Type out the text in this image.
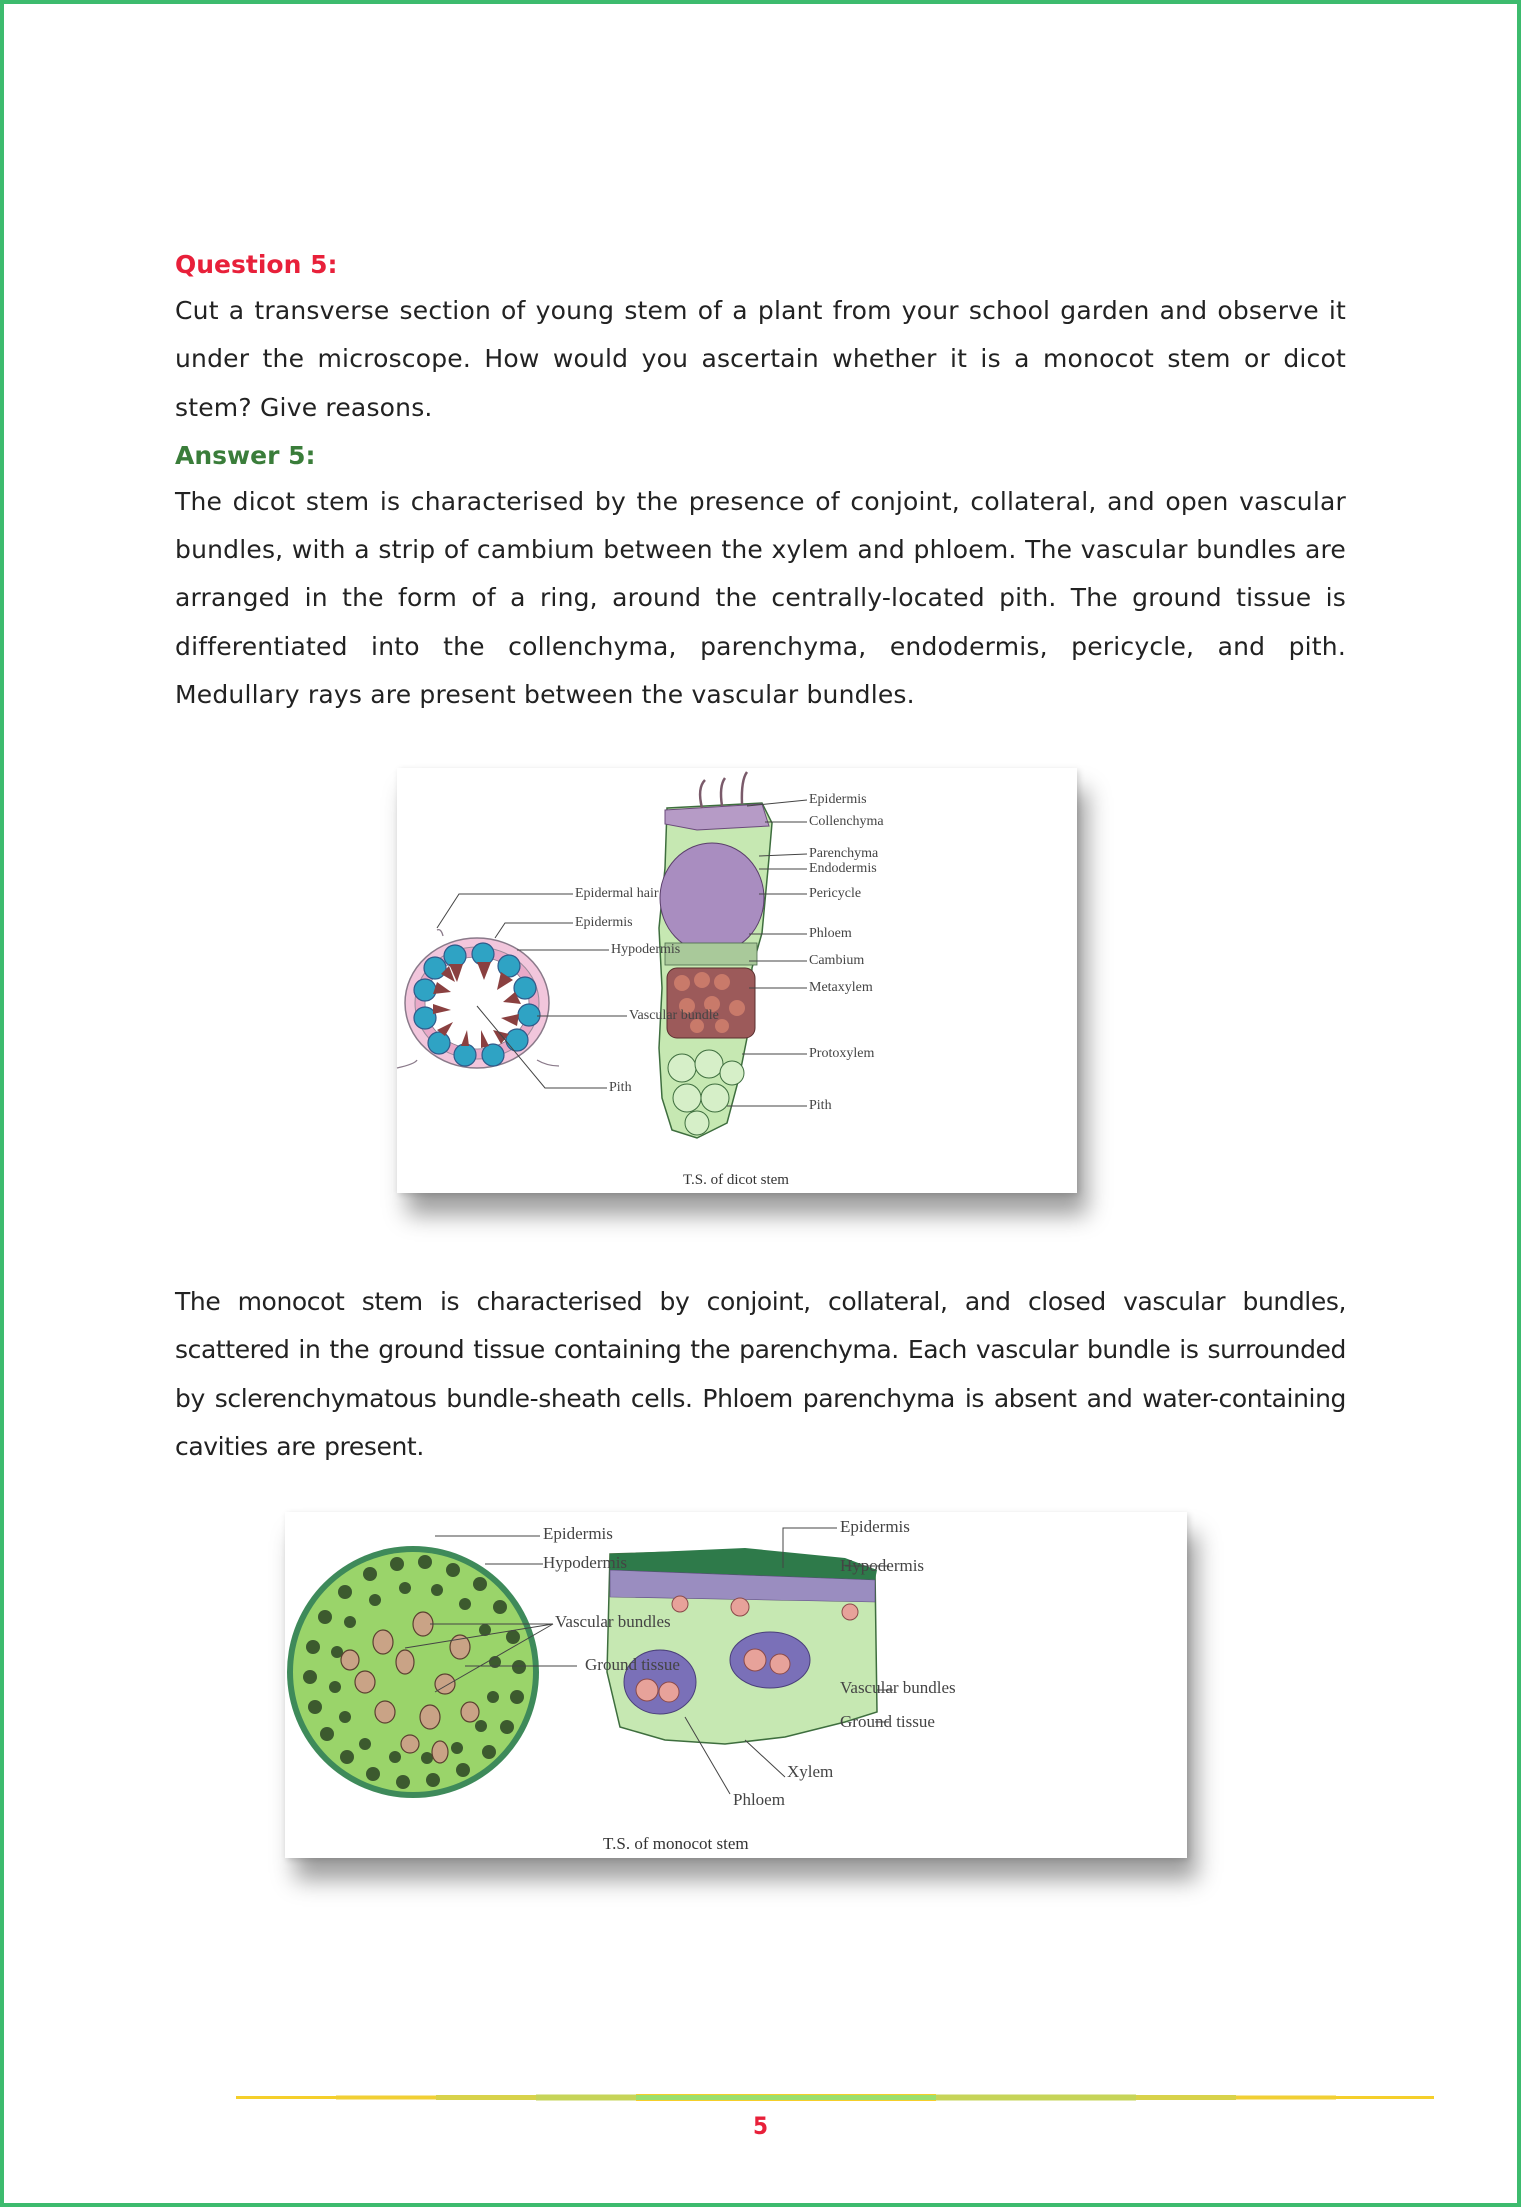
Question 5:

Cut a transverse section of young stem of a plant from your school garden and observe it under the microscope. How would you ascertain whether it is a monocot stem or dicot stem? Give reasons.

Answer 5:

The dicot stem is characterised by the presence of conjoint, collateral, and open vascular bundles, with a strip of cambium between the xylem and phloem. The vascular bundles are arranged in the form of a ring, around the centrally-located pith. The ground tissue is differentiated into the collenchyma, parenchyma, endodermis, pericycle, and pith. Medullary rays are present between the vascular bundles.

Epidermal hair
Epidermis
Hypodermis
Vascular bundle
Pith
Epidermis
Collenchyma
Parenchyma
Endodermis
Pericycle
Phloem
Cambium
Metaxylem
Protoxylem
Pith
T.S. of dicot stem

The monocot stem is characterised by conjoint, collateral, and closed vascular bundles, scattered in the ground tissue containing the parenchyma. Each vascular bundle is surrounded by sclerenchymatous bundle-sheath cells. Phloem parenchyma is absent and water-containing cavities are present.

Epidermis
Hypodermis
Vascular bundles
Ground tissue
Epidermis
Hypodermis
Vascular bundles
Ground tissue
Xylem
Phloem
T.S. of monocot stem
5
